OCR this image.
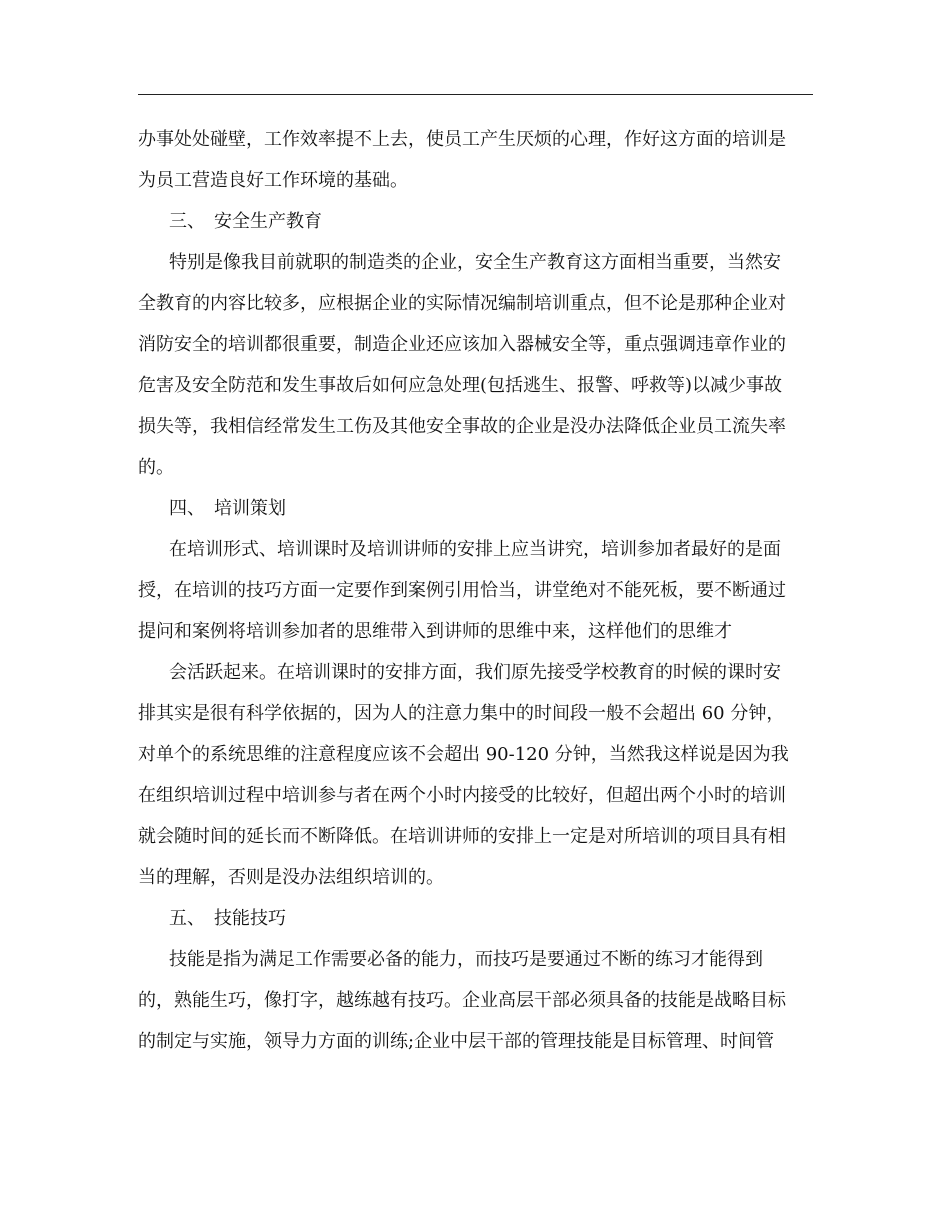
办事处处碰壁，工作效率提不上去，使员工产生厌烦的心理，作好这方面的培训是
为员工营造良好工作环境的基础。
三、　安全生产教育
特别是像我目前就职的制造类的企业，安全生产教育这方面相当重要，当然安
全教育的内容比较多，应根据企业的实际情况编制培训重点，但不论是那种企业对
消防安全的培训都很重要，制造企业还应该加入器械安全等，重点强调违章作业的
危害及安全防范和发生事故后如何应急处理(包括逃生、报警、呼救等)以减少事故
损失等，我相信经常发生工伤及其他安全事故的企业是没办法降低企业员工流失率
的。
四、　培训策划
在培训形式、培训课时及培训讲师的安排上应当讲究，培训参加者最好的是面
授，在培训的技巧方面一定要作到案例引用恰当，讲堂绝对不能死板，要不断通过
提问和案例将培训参加者的思维带入到讲师的思维中来，这样他们的思维才
会活跃起来。在培训课时的安排方面，我们原先接受学校教育的时候的课时安
排其实是很有科学依据的，因为人的注意力集中的时间段一般不会超出 60 分钟，
对单个的系统思维的注意程度应该不会超出 90-120 分钟，当然我这样说是因为我
在组织培训过程中培训参与者在两个小时内接受的比较好，但超出两个小时的培训
就会随时间的延长而不断降低。在培训讲师的安排上一定是对所培训的项目具有相
当的理解，否则是没办法组织培训的。
五、　技能技巧
技能是指为满足工作需要必备的能力，而技巧是要通过不断的练习才能得到
的，熟能生巧，像打字，越练越有技巧。企业高层干部必须具备的技能是战略目标
的制定与实施，领导力方面的训练;企业中层干部的管理技能是目标管理、时间管
